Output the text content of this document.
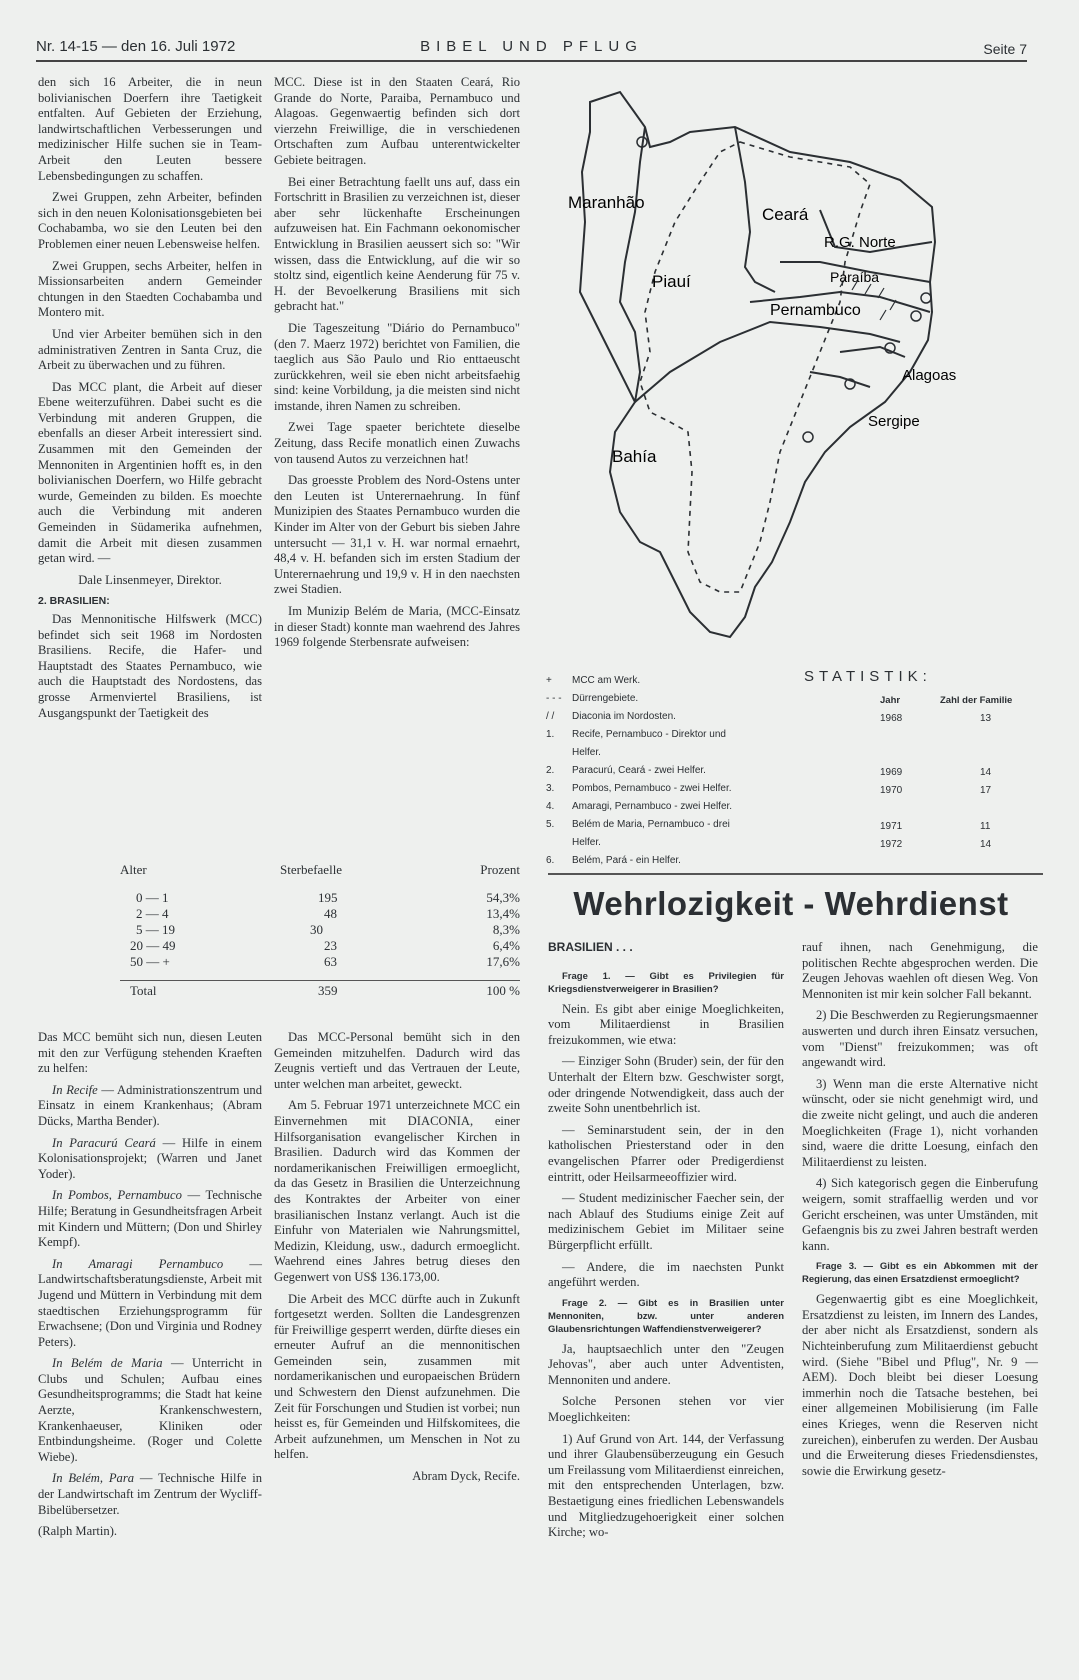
Nr. 14-15 — den 16. Juli 1972	BIBEL UND PFLUG	Seite 7

den sich 16 Arbeiter, die in neun bolivianischen Doerfern ihre Taetigkeit entfalten. Auf Gebieten der Erziehung, landwirtschaftlichen Verbesserungen und medizinischer Hilfe suchen sie in Team-Arbeit den Leuten bessere Lebensbedingungen zu schaffen.

Zwei Gruppen, zehn Arbeiter, befinden sich in den neuen Kolonisationsgebieten bei Cochabamba, wo sie den Leuten bei den Problemen einer neuen Lebensweise helfen.

Zwei Gruppen, sechs Arbeiter, helfen in Missionsarbeiten andern Gemeinder chtungen in den Staedten Cochabamba und Montero mit.

Und vier Arbeiter bemühen sich in den administrativen Zentren in Santa Cruz, die Arbeit zu überwachen und zu führen.

Das MCC plant, die Arbeit auf dieser Ebene weiterzuführen. Dabei sucht es die Verbindung mit anderen Gruppen, die ebenfalls an dieser Arbeit interessiert sind. Zusammen mit den Gemeinden der Mennoniten in Argentinien hofft es, in den bolivianischen Doerfern, wo Hilfe gebracht wurde, Gemeinden zu bilden. Es moechte auch die Verbindung mit anderen Gemeinden in Südamerika aufnehmen, damit die Arbeit mit diesen zusammen getan wird. —

Dale Linsenmeyer, Direktor.

2. BRASILIEN:

Das Mennonitische Hilfswerk (MCC) befindet sich seit 1968 im Nordosten Brasiliens. Recife, die Hafer- und Hauptstadt des Staates Pernambuco, wie auch die Hauptstadt des Nordostens, das grosse Armenviertel Brasiliens, ist Ausgangspunkt der Taetigkeit des

MCC. Diese ist in den Staaten Ceará, Rio Grande do Norte, Paraiba, Pernambuco und Alagoas. Gegenwaertig befinden sich dort vierzehn Freiwillige, die in verschiedenen Ortschaften zum Aufbau unterentwickelter Gebiete beitragen.

Bei einer Betrachtung faellt uns auf, dass ein Fortschritt in Brasilien zu verzeichnen ist, dieser aber sehr lückenhafte Erscheinungen aufzuweisen hat. Ein Fachmann oekonomischer Entwicklung in Brasilien aeussert sich so: "Wir wissen, dass die Entwicklung, auf die wir so stoltz sind, eigentlich keine Aenderung für 75 v. H. der Bevoelkerung Brasiliens mit sich gebracht hat."

Die Tageszeitung "Diário do Pernambuco" (den 7. Maerz 1972) berichtet von Familien, die taeglich aus São Paulo und Rio enttaeuscht zurückkehren, weil sie eben nicht arbeitsfaehig sind: keine Vorbildung, ja die meisten sind nicht imstande, ihren Namen zu schreiben.

Zwei Tage spaeter berichtete dieselbe Zeitung, dass Recife monatlich einen Zuwachs von tausend Autos zu verzeichnen hat!

Das groesste Problem des Nord-Ostens unter den Leuten ist Unterernaehrung. In fünf Munizipien des Staates Pernambuco wurden die Kinder im Alter von der Geburt bis sieben Jahre untersucht — 31,1 v. H. war normal ernaehrt, 48,4 v. H. befanden sich im ersten Stadium der Unterernaehrung und 19,9 v. H in den naechsten zwei Stadien.

Im Munizip Belém de Maria, (MCC-Einsatz in dieser Stadt) konnte man waehrend des Jahres 1969 folgende Sterbensrate aufweisen:

Alter	Sterbefaelle	Prozent

0 — 1	195	54,3%
2 — 4	48	13,4%
5 — 19	30	8,3%
20 — 49	23	6,4%
50 — +	63	17,6%

Total	359	100 %

Das MCC bemüht sich nun, diesen Leuten mit den zur Verfügung stehenden Kraeften zu helfen:

In Recife — Administrationszentrum und Einsatz in einem Krankenhaus; (Abram Dücks, Martha Bender).

In Paracurú Ceará — Hilfe in einem Kolonisationsprojekt; (Warren und Janet Yoder).

In Pombos, Pernambuco — Technische Hilfe; Beratung in Gesundheitsfragen Arbeit mit Kindern und Müttern; (Don und Shirley Kempf).

In Amaragi Pernambuco — Landwirtschaftsberatungsdienste, Arbeit mit Jugend und Müttern in Verbindung mit dem staedtischen Erziehungsprogramm für Erwachsene; (Don und Virginia und Rodney Peters).

In Belém de Maria — Unterricht in Clubs und Schulen; Aufbau eines Gesundheitsprogramms; die Stadt hat keine Aerzte, Krankenschwestern, Krankenhaeuser, Kliniken oder Entbindungsheime. (Roger und Colette Wiebe).

In Belém, Para — Technische Hilfe in der Landwirtschaft im Zentrum der Wycliff-Bibelübersetzer.

(Ralph Martin).

Das MCC-Personal bemüht sich in den Gemeinden mitzuhelfen. Dadurch wird das Zeugnis vertieft und das Vertrauen der Leute, unter welchen man arbeitet, geweckt.

Am 5. Februar 1971 unterzeichnete MCC ein Einvernehmen mit DIACONIA, einer Hilfsorganisation evangelischer Kirchen in Brasilien. Dadurch wird das Kommen der nordamerikanischen Freiwilligen ermoeglicht, da das Gesetz in Brasilien die Unterzeichnung des Kontraktes der Arbeiter von einer brasilianischen Instanz verlangt. Auch ist die Einfuhr von Materialen wie Nahrungsmittel, Medizin, Kleidung, usw., dadurch ermoeglicht. Waehrend eines Jahres betrug dieses den Gegenwert von US$ 136.173,00.

Die Arbeit des MCC dürfte auch in Zukunft fortgesetzt werden. Sollten die Landesgrenzen für Freiwillige gesperrt werden, dürfte dieses ein erneuter Aufruf an die mennonitischen Gemeinden sein, zusammen mit nordamerikanischen und europaeischen Brüdern und Schwestern den Dienst aufzunehmen. Die Zeit für Forschungen und Studien ist vorbei; nun heisst es, für Gemeinden und Hilfskomitees, die Arbeit aufzunehmen, um Menschen in Not zu helfen.

Abram Dyck, Recife.

Maranhão
Piauí
Ceará
R.G. Norte
Paraíba
Pernambuco
Alagoas
Sergipe
Bahía
+ MCC am Werk.
- - - Dürrengebiete.
/ / Diaconia im Nordosten.
1. Recife, Pernambuco - Direktor und
Helfer.
2. Paracurú, Ceará - zwei Helfer.
3. Pombos, Pernambuco - zwei Helfer.
4. Amaragi, Pernambuco - zwei Helfer.
5. Belém de Maria, Pernambuco - drei
Helfer.
6. Belém, Pará - ein Helfer.
STATISTIK:
Jahr	Zahl der Familie
1968	13

1969	14
1970	17

1971	11
1972	14
Wehrlozigkeit - Wehrdienst

BRASILIEN . . .

Frage 1. — Gibt es Privilegien für Kriegsdienstverweigerer in Brasilien?

Nein. Es gibt aber einige Moeglichkeiten, vom Militaerdienst in Brasilien freizukommen, wie etwa:

— Einziger Sohn (Bruder) sein, der für den Unterhalt der Eltern bzw. Geschwister sorgt, oder dringende Notwendigkeit, dass auch der zweite Sohn unentbehrlich ist.

— Seminarstudent sein, der in den katholischen Priesterstand oder in den evangelischen Pfarrer oder Predigerdienst eintritt, oder Heilsarmeeoffizier wird.

— Student medizinischer Faecher sein, der nach Ablauf des Studiums einige Zeit auf medizinischem Gebiet im Militaer seine Bürgerpflicht erfüllt.

— Andere, die im naechsten Punkt angeführt werden.

Frage 2. — Gibt es in Brasilien unter Mennoniten, bzw. unter anderen Glaubensrichtungen Waffendienstverweigerer?

Ja, hauptsaechlich unter den "Zeugen Jehovas", aber auch unter Adventisten, Mennoniten und andere.

Solche Personen stehen vor vier Moeglichkeiten:

1) Auf Grund von Art. 144, der Verfassung und ihrer Glaubensüberzeugung ein Gesuch um Freilassung vom Militaerdienst einreichen, mit den entsprechenden Unterlagen, bzw. Bestaetigung eines friedlichen Lebenswandels und Mitgliedzugehoerigkeit einer solchen Kirche; wo-

rauf ihnen, nach Genehmigung, die politischen Rechte abgesprochen werden. Die Zeugen Jehovas waehlen oft diesen Weg. Von Mennoniten ist mir kein solcher Fall bekannt.

2) Die Beschwerden zu Regierungsmaenner auswerten und durch ihren Einsatz versuchen, vom "Dienst" freizukommen; was oft angewandt wird.

3) Wenn man die erste Alternative nicht wünscht, oder sie nicht genehmigt wird, und die zweite nicht gelingt, und auch die anderen Moeglichkeiten (Frage 1), nicht vorhanden sind, waere die dritte Loesung, einfach den Militaerdienst zu leisten.

4) Sich kategorisch gegen die Einberufung weigern, somit straffaellig werden und vor Gericht erscheinen, was unter Umständen, mit Gefaengnis bis zu zwei Jahren bestraft werden kann.

Frage 3. — Gibt es ein Abkommen mit der Regierung, das einen Ersatzdienst ermoeglicht?

Gegenwaertig gibt es eine Moeglichkeit, Ersatzdienst zu leisten, im Innern des Landes, der aber nicht als Ersatzdienst, sondern als Nichteinberufung zum Militaerdienst gebucht wird. (Siehe "Bibel und Pflug", Nr. 9 — AEM). Doch bleibt bei dieser Loesung immerhin noch die Tatsache bestehen, bei einer allgemeinen Mobilisierung (im Falle eines Krieges, wenn die Reserven nicht zureichen), einberufen zu werden. Der Ausbau und die Erweiterung dieses Friedensdienstes, sowie die Erwirkung gesetz-
